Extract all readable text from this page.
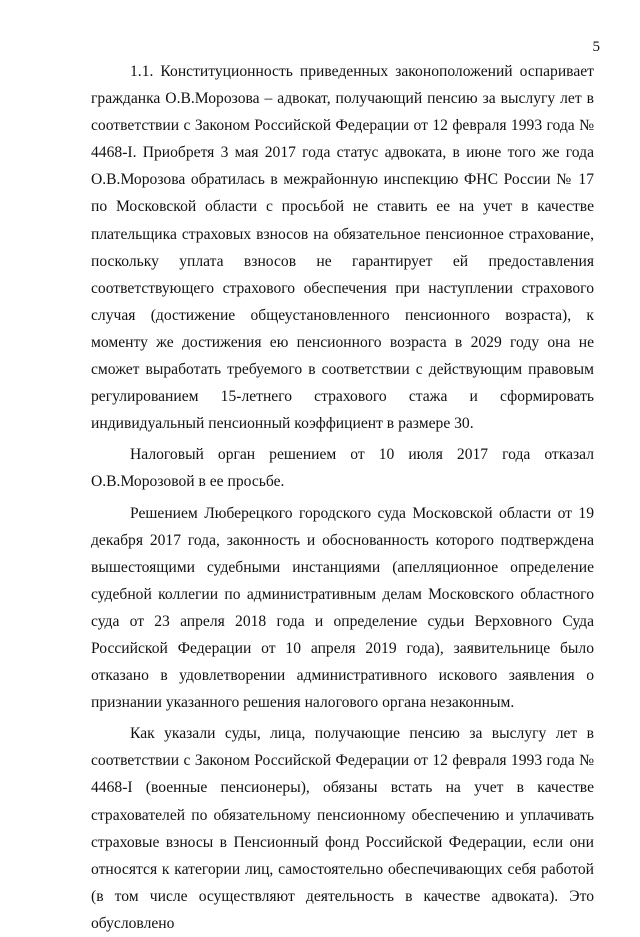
5

1.1. Конституционность приведенных законоположений оспаривает гражданка О.В.Морозова – адвокат, получающий пенсию за выслугу лет в соответствии с Законом Российской Федерации от 12 февраля 1993 года № 4468-I. Приобретя 3 мая 2017 года статус адвоката, в июне того же года О.В.Морозова обратилась в межрайонную инспекцию ФНС России № 17 по Московской области с просьбой не ставить ее на учет в качестве плательщика страховых взносов на обязательное пенсионное страхование, поскольку уплата взносов не гарантирует ей предоставления соответствующего страхового обеспечения при наступлении страхового случая (достижение общеустановленного пенсионного возраста), к моменту же достижения ею пенсионного возраста в 2029 году она не сможет выработать требуемого в соответствии с действующим правовым регулированием 15-летнего страхового стажа и сформировать индивидуальный пенсионный коэффициент в размере 30.

Налоговый орган решением от 10 июля 2017 года отказал О.В.Морозовой в ее просьбе.

Решением Люберецкого городского суда Московской области от 19 декабря 2017 года, законность и обоснованность которого подтверждена вышестоящими судебными инстанциями (апелляционное определение судебной коллегии по административным делам Московского областного суда от 23 апреля 2018 года и определение судьи Верховного Суда Российской Федерации от 10 апреля 2019 года), заявительнице было отказано в удовлетворении административного искового заявления о признании указанного решения налогового органа незаконным.

Как указали суды, лица, получающие пенсию за выслугу лет в соответствии с Законом Российской Федерации от 12 февраля 1993 года № 4468-I (военные пенсионеры), обязаны встать на учет в качестве страхователей по обязательному пенсионному обеспечению и уплачивать страховые взносы в Пенсионный фонд Российской Федерации, если они относятся к категории лиц, самостоятельно обеспечивающих себя работой (в том числе осуществляют деятельность в качестве адвоката). Это обусловлено
